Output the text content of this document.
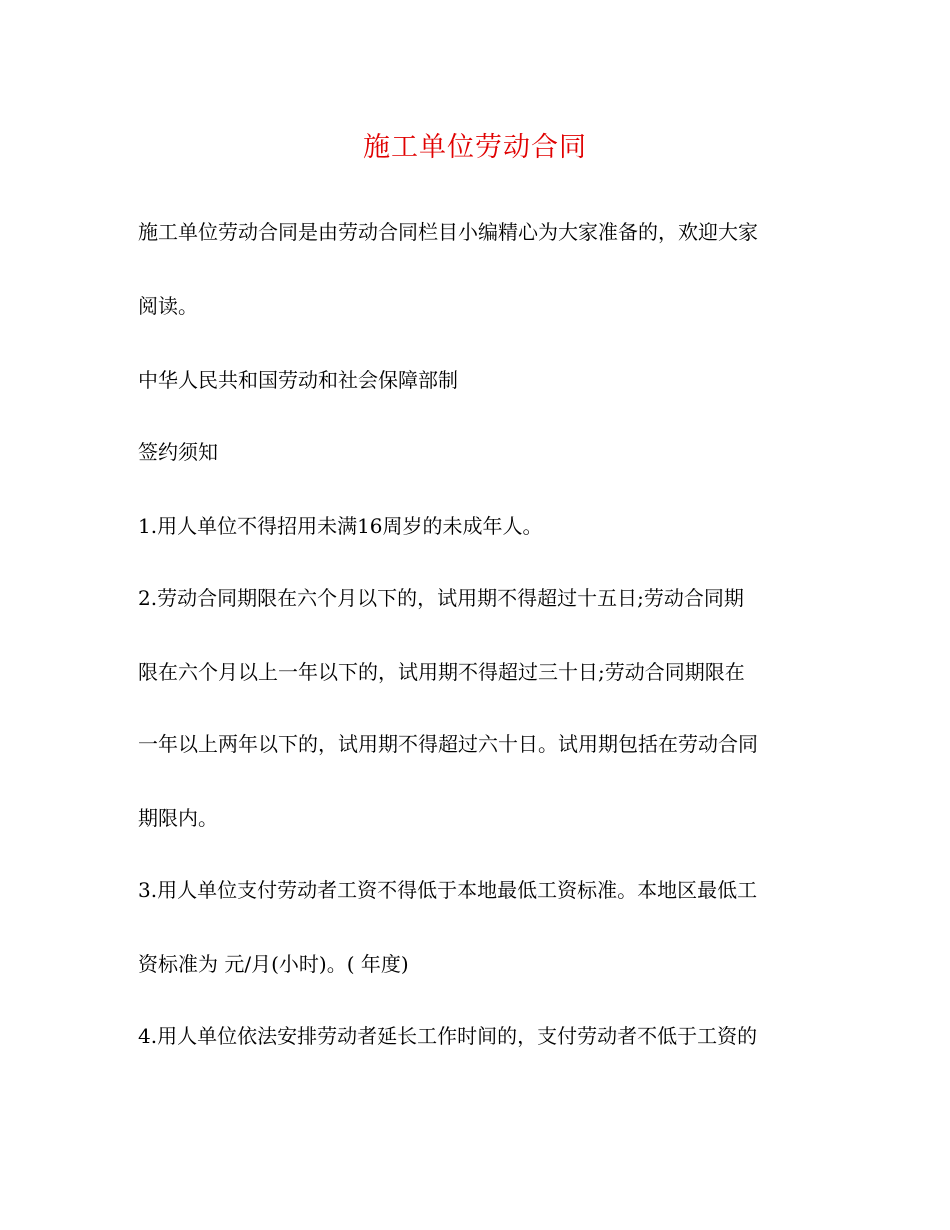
施工单位劳动合同
施工单位劳动合同是由劳动合同栏目小编精心为大家准备的，欢迎大家
阅读。
中华人民共和国劳动和社会保障部制
签约须知
1.用人单位不得招用未满16周岁的未成年人。
2.劳动合同期限在六个月以下的，试用期不得超过十五日;劳动合同期
限在六个月以上一年以下的，试用期不得超过三十日;劳动合同期限在
一年以上两年以下的，试用期不得超过六十日。试用期包括在劳动合同
期限内。
3.用人单位支付劳动者工资不得低于本地最低工资标准。本地区最低工
资标准为 元/月(小时)。( 年度)
4.用人单位依法安排劳动者延长工作时间的，支付劳动者不低于工资的
